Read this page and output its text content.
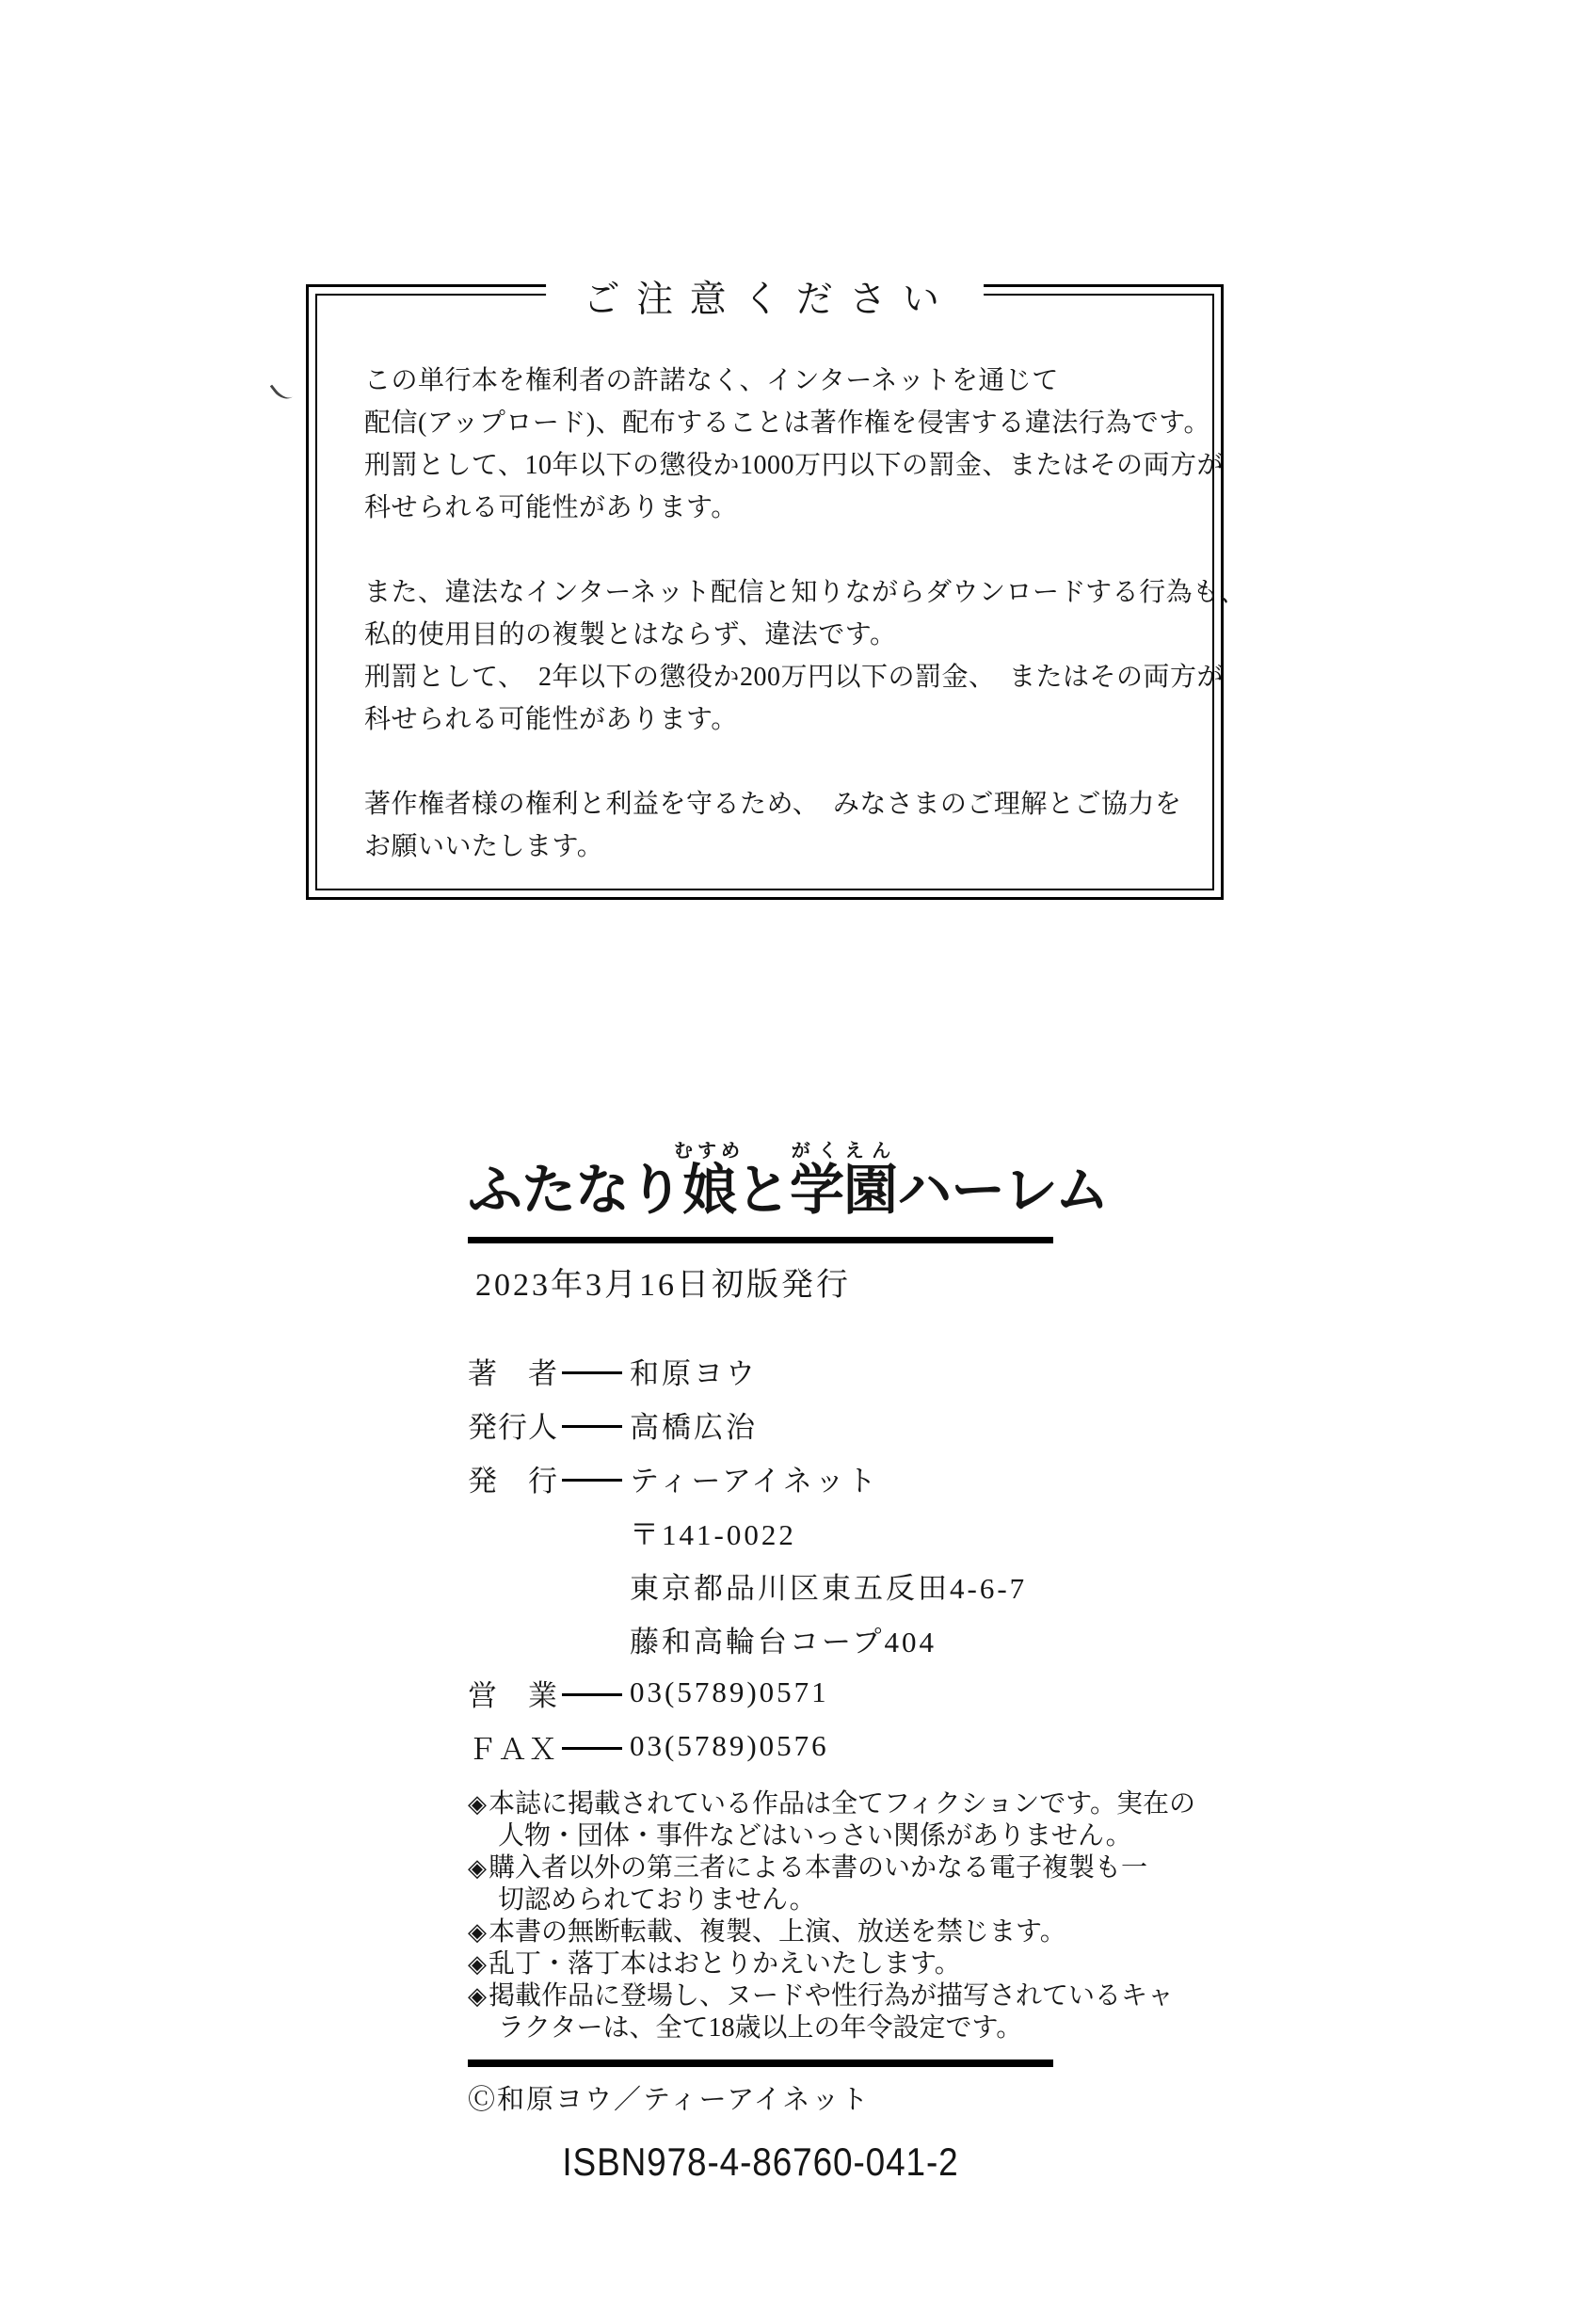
ご注意ください
この単行本を権利者の許諾なく、インターネットを通じて
配信(アップロード)、配布することは著作権を侵害する違法行為です。
刑罰として、10年以下の懲役か1000万円以下の罰金、またはその両方が
科せられる可能性があります。
また、違法なインターネット配信と知りながらダウンロードする行為も、
私的使用目的の複製とはならず、違法です。
刑罰として、　2年以下の懲役か200万円以下の罰金、　またはその両方が
科せられる可能性があります。
著作権者様の権利と利益を守るため、　みなさまのご理解とご協力を
お願いいたします。
ふたなり娘むすめと学園がくえんハーレム
2023年3月16日初版発行
著　者 和原ヨウ
発行人 高橋広治
発　行 ティーアイネット
〒141-0022
東京都品川区東五反田4-6-7
藤和高輪台コープ404
営　業 03(5789)0571
ＦＡＸ 03(5789)0576
◈本誌に掲載されている作品は全てフィクションです。実在の
人物・団体・事件などはいっさい関係がありません。
◈購入者以外の第三者による本書のいかなる電子複製も一
切認められておりません。
◈本書の無断転載、複製、上演、放送を禁じます。
◈乱丁・落丁本はおとりかえいたします。
◈掲載作品に登場し、ヌードや性行為が描写されているキャ
ラクターは、全て18歳以上の年令設定です。
Ⓒ和原ヨウ／ティーアイネット
ISBN978-4-86760-041-2
